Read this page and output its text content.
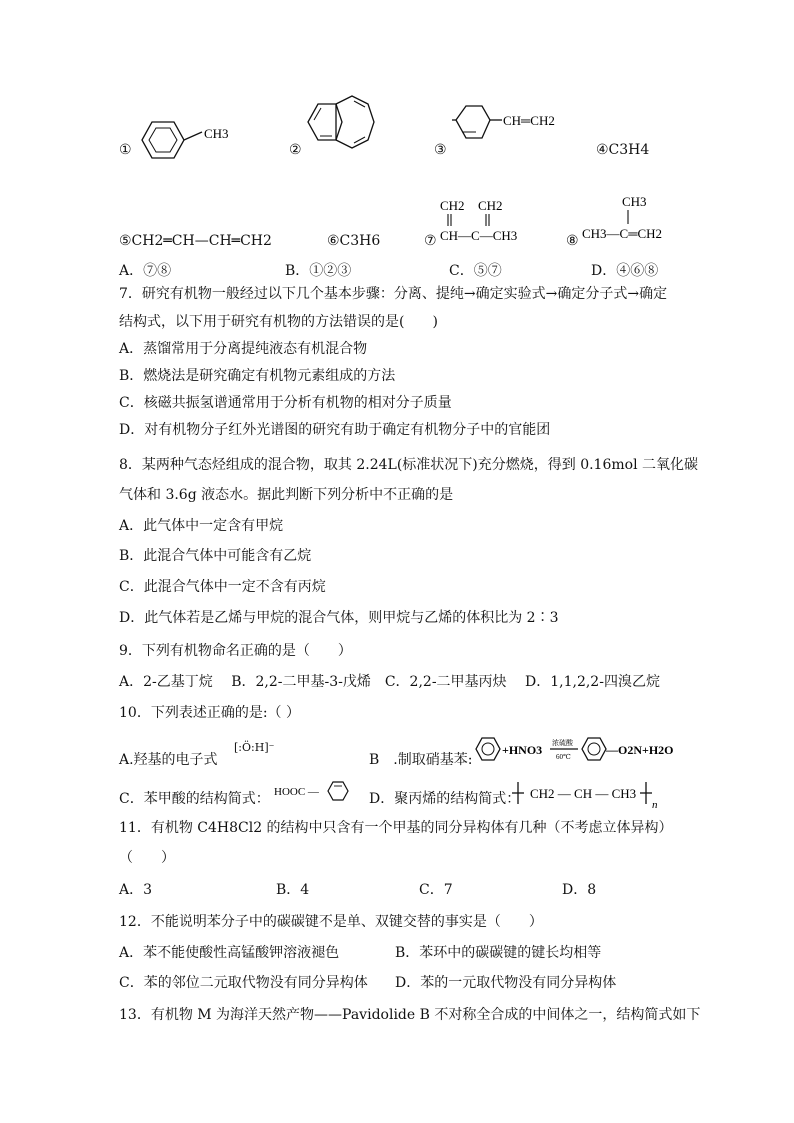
①
CH3
②	③
CH═CH2
④C3H4
⑤CH2═CH—CH═CH2	⑥C3H6	⑦
CH2 CH2
CH—C—CH3	⑧
CH3
CH3—C═CH2
A．⑦⑧	B．①②③	C．⑤⑦	D．④⑥⑧
7．研究有机物一般经过以下几个基本步骤：分离、提纯→确定实验式→确定分子式→确定
结构式，以下用于研究有机物的方法错误的是(　　)
A．蒸馏常用于分离提纯液态有机混合物
B．燃烧法是研究确定有机物元素组成的方法
C．核磁共振氢谱通常用于分析有机物的相对分子质量
D．对有机物分子红外光谱图的研究有助于确定有机物分子中的官能团
8．某两种气态烃组成的混合物，取其 2.24L(标准状况下)充分燃烧，得到 0.16mol 二氧化碳
气体和 3.6g 液态水。据此判断下列分析中不正确的是
A．此气体中一定含有甲烷
B．此混合气体中可能含有乙烷
C．此混合气体中一定不含有丙烷
D．此气体若是乙烯与甲烷的混合气体，则甲烷与乙烯的体积比为 2∶3
9．下列有机物命名正确的是（　　）
A．2-乙基丁烷　 B．2,2-二甲基-3-戊烯　C．2,2-二甲基丙炔　 D．1,1,2,2-四溴乙烷
10．下列表述正确的是:（ ）
A.羟基的电子式
[:Ö:H]⁻
B　.制取硝基苯:
+HNO3 浓硫酸
60℃	—O2N+H2O
C．苯甲酸的结构简式： HOOC —	D．聚丙烯的结构简式： CH2 — CH — CH3
n
11．有机物 C4H8Cl2 的结构中只含有一个甲基的同分异构体有几种（不考虑立体异构）
（　　）
A．3	B．4	C．7	D．8
12．不能说明苯分子中的碳碳键不是单、双键交替的事实是（　　）
A．苯不能使酸性高锰酸钾溶液褪色	B．苯环中的碳碳键的键长均相等
C．苯的邻位二元取代物没有同分异构体 D．苯的一元取代物没有同分异构体
13．有机物 M 为海洋天然产物——Pavidolide B 不对称全合成的中间体之一，结构简式如下
